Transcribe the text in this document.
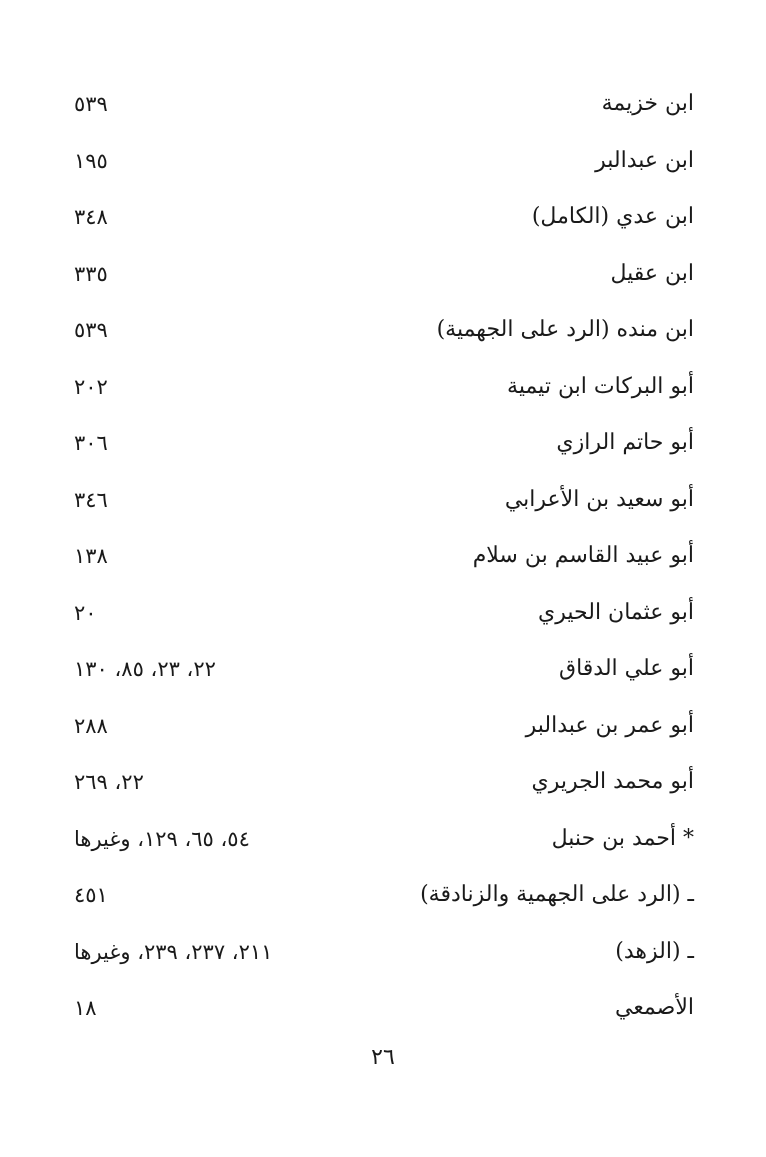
ابن خزيمة
٥٣٩
ابن عبدالبر
١٩٥
ابن عدي (الكامل)
٣٤٨
ابن عقيل
٣٣٥
ابن منده (الرد على الجهمية)
٥٣٩
أبو البركات ابن تيمية
٢٠٢
أبو حاتم الرازي
٣٠٦
أبو سعيد بن الأعرابي
٣٤٦
أبو عبيد القاسم بن سلام
١٣٨
أبو عثمان الحيري
٢٠
أبو علي الدقاق
٢٢، ٢٣، ٨٥، ١٣٠
أبو عمر بن عبدالبر
٢٨٨
أبو محمد الجريري
٢٢، ٢٦٩
* أحمد بن حنبل
٥٤، ٦٥، ١٢٩، وغيرها
ـ (الرد على الجهمية والزنادقة)
٤٥١
ـ (الزهد)
٢١١، ٢٣٧، ٢٣٩، وغيرها
الأصمعي
١٨
٢٦
